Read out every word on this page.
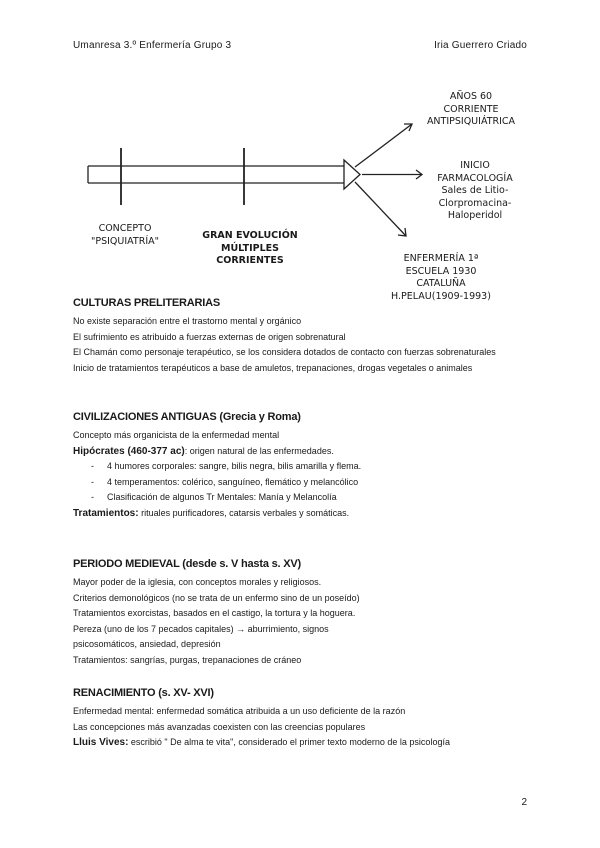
Umanresa 3.º Enfermería Grupo 3	Iria Guerrero Criado
CONCEPTO
"PSIQUIATRÍA"	GRAN EVOLUCIÓN
MÚLTIPLES
CORRIENTES
AÑOS 60
CORRIENTE
ANTIPSIQUIÁTRICA
INICIO
FARMACOLOGÍA
Sales de Litio-
Clorpromacina-
Haloperidol
ENFERMERÍA 1ª
ESCUELA 1930
CATALUÑA
H.PELAU(1909-1993)
CULTURAS PRELITERARIAS

No existe separación entre el trastorno mental y orgánico

El sufrimiento es atribuido a fuerzas externas de origen sobrenatural

El Chamán como personaje terapéutico, se los considera dotados de contacto con fuerzas sobrenaturales

Inicio de tratamientos terapéuticos a base de amuletos, trepanaciones, drogas vegetales o animales

CIVILIZACIONES ANTIGUAS (Grecia y Roma)

Concepto más organicista de la enfermedad mental

Hipócrates (460-377 ac): origen natural de las enfermedades.

- 4 humores corporales: sangre, bilis negra, bilis amarilla y flema.
- 4 temperamentos: colérico, sanguíneo, flemático y melancólico
- Clasificación de algunos Tr Mentales: Manía y Melancolía

Tratamientos: rituales purificadores, catarsis verbales y somáticas.

PERIODO MEDIEVAL (desde s. V hasta s. XV)

Mayor poder de la iglesia, con conceptos morales y religiosos.

Criterios demonológicos (no se trata de un enfermo sino de un poseído)

Tratamientos exorcistas, basados en el castigo, la tortura y la hoguera.

Pereza (uno de los 7 pecados capitales) → aburrimiento, signos

psicosomáticos, ansiedad, depresión

Tratamientos: sangrías, purgas, trepanaciones de cráneo

RENACIMIENTO (s. XV- XVI)

Enfermedad mental: enfermedad somática atribuida a un uso deficiente de la razón

Las concepciones más avanzadas coexisten con las creencias populares

Lluis Vives: escribió " De alma te vita", considerado el primer texto moderno de la psicología

2
